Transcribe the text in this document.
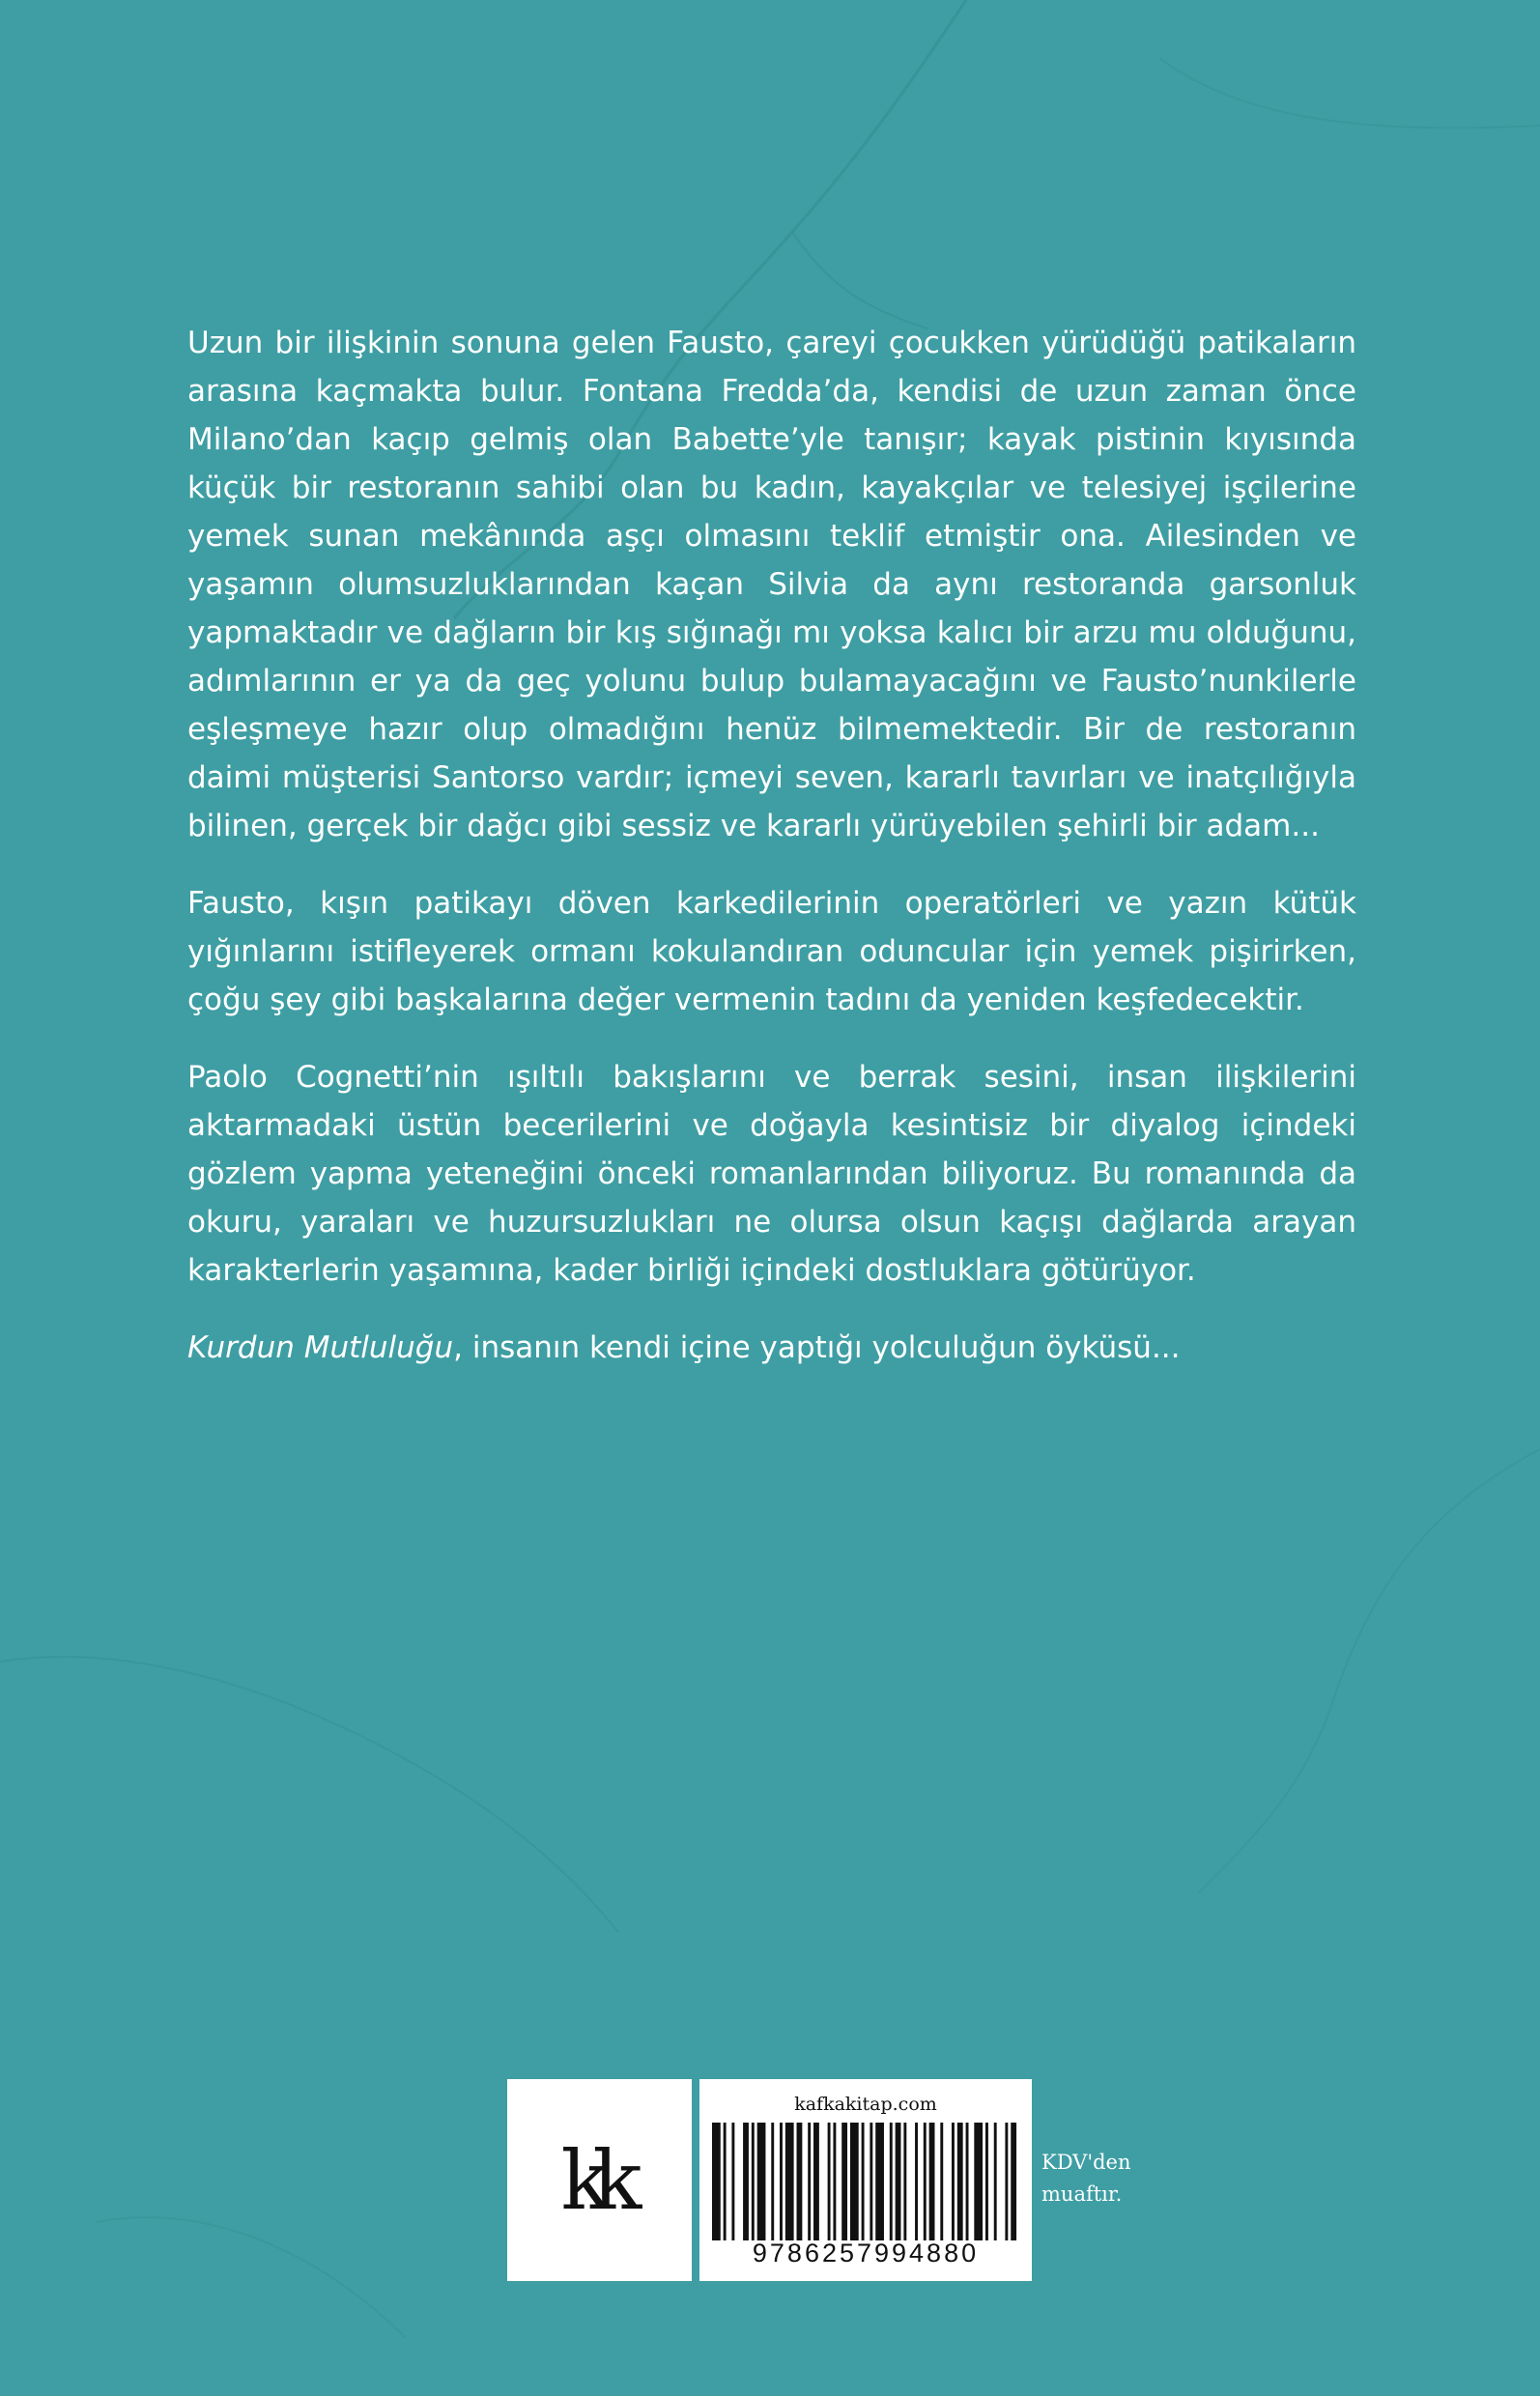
Uzun bir ilişkinin sonuna gelen Fausto, çareyi çocukken yürüdüğü patikaların arasına kaçmakta bulur. Fontana Fredda’da, kendisi de uzun zaman önce Milano’dan kaçıp gelmiş olan Babette’yle tanışır; kayak pistinin kıyısında küçük bir restoranın sahibi olan bu kadın, kayakçılar ve telesiyej işçilerine yemek sunan mekânında aşçı olmasını teklif etmiştir ona. Ailesinden ve yaşamın olumsuzluklarından kaçan Silvia da aynı restoranda garsonluk yapmaktadır ve dağların bir kış sığınağı mı yoksa kalıcı bir arzu mu olduğunu, adımlarının er ya da geç yolunu bulup bulamayacağını ve Fausto’nunkilerle eşleşmeye hazır olup olmadığını henüz bilmemektedir. Bir de restoranın daimi müşterisi Santorso vardır; içmeyi seven, kararlı tavırları ve inatçılığıyla bilinen, gerçek bir dağcı gibi sessiz ve kararlı yürüyebilen şehirli bir adam...

Fausto, kışın patikayı döven karkedilerinin operatörleri ve yazın kütük yığınlarını istifleyerek ormanı kokulandıran oduncular için yemek pişirirken, çoğu şey gibi başkalarına değer vermenin tadını da yeniden keşfedecektir.

Paolo Cognetti’nin ışıltılı bakışlarını ve berrak sesini, insan ilişkilerini aktarmadaki üstün becerilerini ve doğayla kesintisiz bir diyalog içindeki gözlem yapma yeteneğini önceki romanlarından biliyoruz. Bu romanında da okuru, yaraları ve huzursuzlukları ne olursa olsun kaçışı dağlarda arayan karakterlerin yaşamına, kader birliği içindeki dostluklara götürüyor.

Kurdun Mutluluğu, insanın kendi içine yaptığı yolculuğun öyküsü...

kk
kafkakitap.com
9786257994880
KDV'den
muaftır.
